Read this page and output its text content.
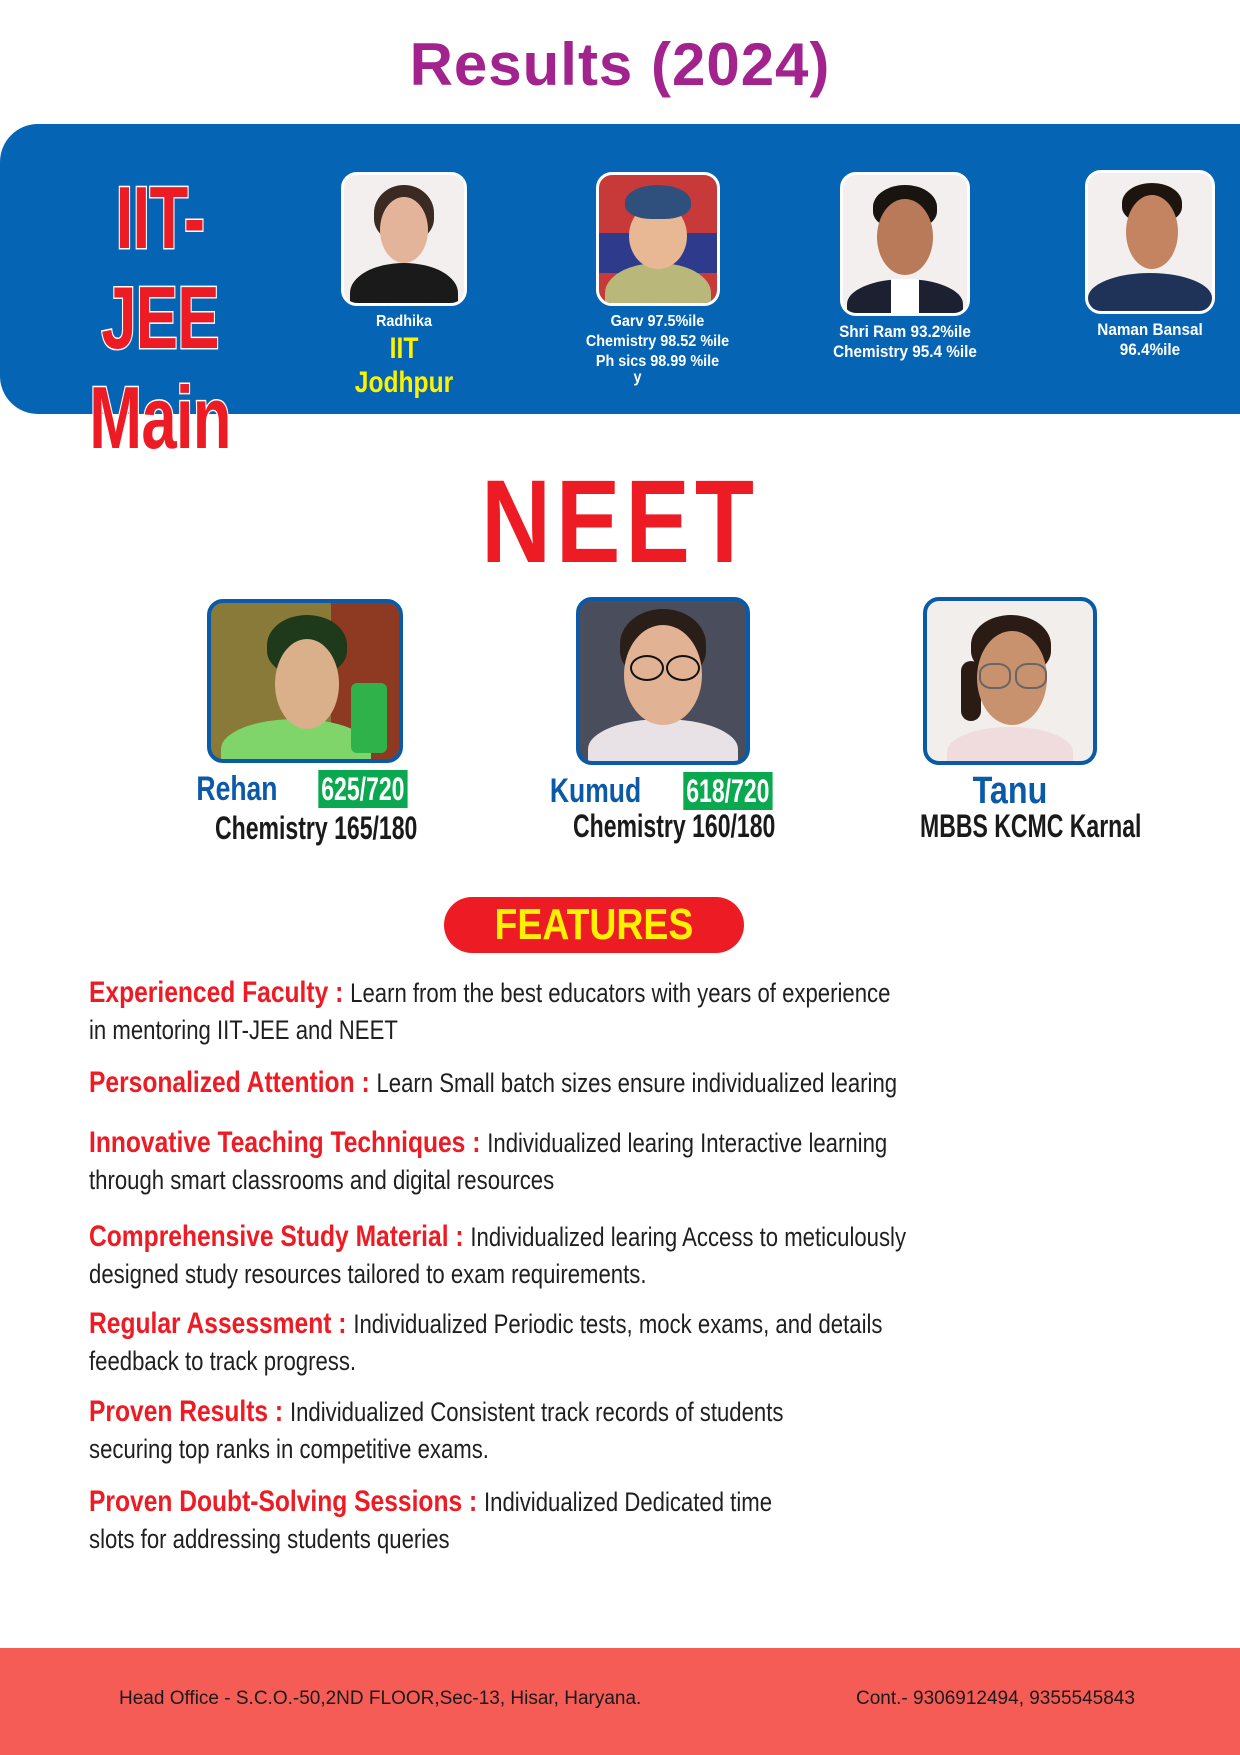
Results (2024)
IIT-JEE
Main
Radhika
IIT Jodhpur
Garv 97.5%ile
Chemistry 98.52 %ile
Ph sics 98.99 %ile
y
Shri Ram 93.2%ile
Chemistry 95.4 %ile
Naman Bansal
96.4%ile
NEET
Rehan 625/720
Chemistry 165/180
Kumud 618/720
Chemistry 160/180
Tanu
MBBS KCMC Karnal
FEATURES
Experienced Faculty : Learn from the best educators with years of experience
in mentoring IIT-JEE and NEET
Personalized Attention : Learn Small batch sizes ensure individualized learing
Innovative Teaching Techniques : Individualized learing Interactive learning
through smart classrooms and digital resources
Comprehensive Study Material : Individualized learing Access to meticulously
designed study resources tailored to exam requirements.
Regular Assessment : Individualized Periodic tests, mock exams, and details
feedback to track progress.
Proven Results : Individualized Consistent track records of students
securing top ranks in competitive exams.
Proven Doubt-Solving Sessions : Individualized Dedicated time
slots for addressing students queries
Head Office - S.C.O.-50,2ND FLOOR,Sec-13, Hisar, Haryana.	Cont.- 9306912494, 9355545843
